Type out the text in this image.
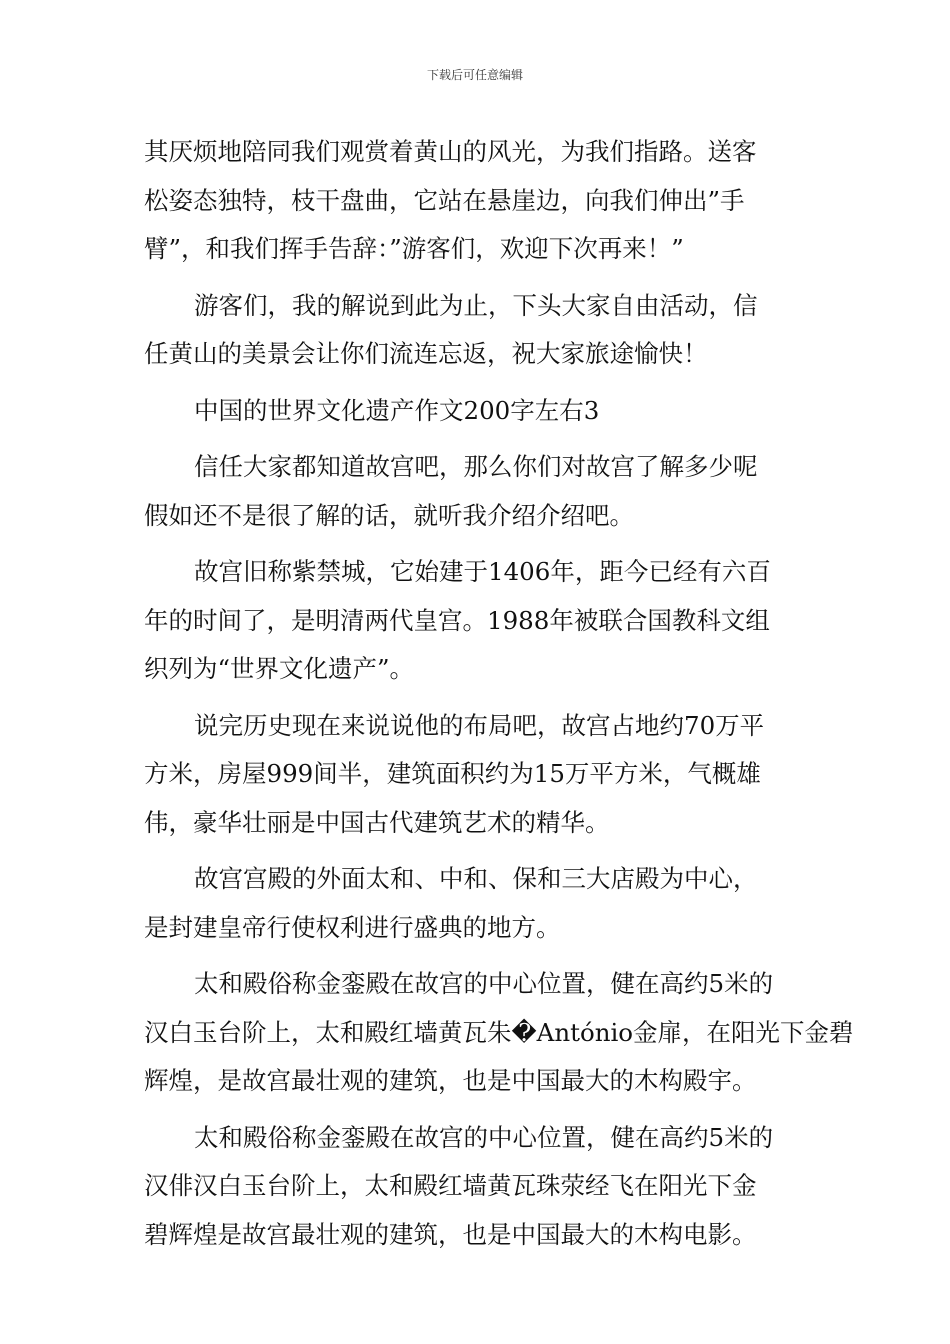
下载后可任意编辑
其厌烦地陪同我们观赏着黄山的风光，为我们指路。送客
松姿态独特，枝干盘曲，它站在悬崖边，向我们伸出”手
臂”，和我们挥手告辞：”游客们，欢迎下次再来！”
游客们，我的解说到此为止，下头大家自由活动，信
任黄山的美景会让你们流连忘返，祝大家旅途愉快！
中国的世界文化遗产作文200字左右3
信任大家都知道故宫吧，那么你们对故宫了解多少呢
假如还不是很了解的话，就听我介绍介绍吧。
故宫旧称紫禁城，它始建于1406年，距今已经有六百
年的时间了，是明清两代皇宫。1988年被联合国教科文组
织列为“世界文化遗产”。
说完历史现在来说说他的布局吧，故宫占地约70万平
方米，房屋999间半，建筑面积约为15万平方米，气概雄
伟，豪华壮丽是中国古代建筑艺术的精华。
故宫宫殿的外面太和、中和、保和三大店殿为中心，
是封建皇帝行使权利进行盛典的地方。
太和殿俗称金銮殿在故宫的中心位置，健在高约5米的
汉白玉台阶上，太和殿红墙黄瓦朱�António金扉，在阳光下金碧
辉煌，是故宫最壮观的建筑，也是中国最大的木构殿宇。
太和殿俗称金銮殿在故宫的中心位置，健在高约5米的
汉俳汉白玉台阶上，太和殿红墙黄瓦珠荥经飞在阳光下金
碧辉煌是故宫最壮观的建筑，也是中国最大的木构电影。
